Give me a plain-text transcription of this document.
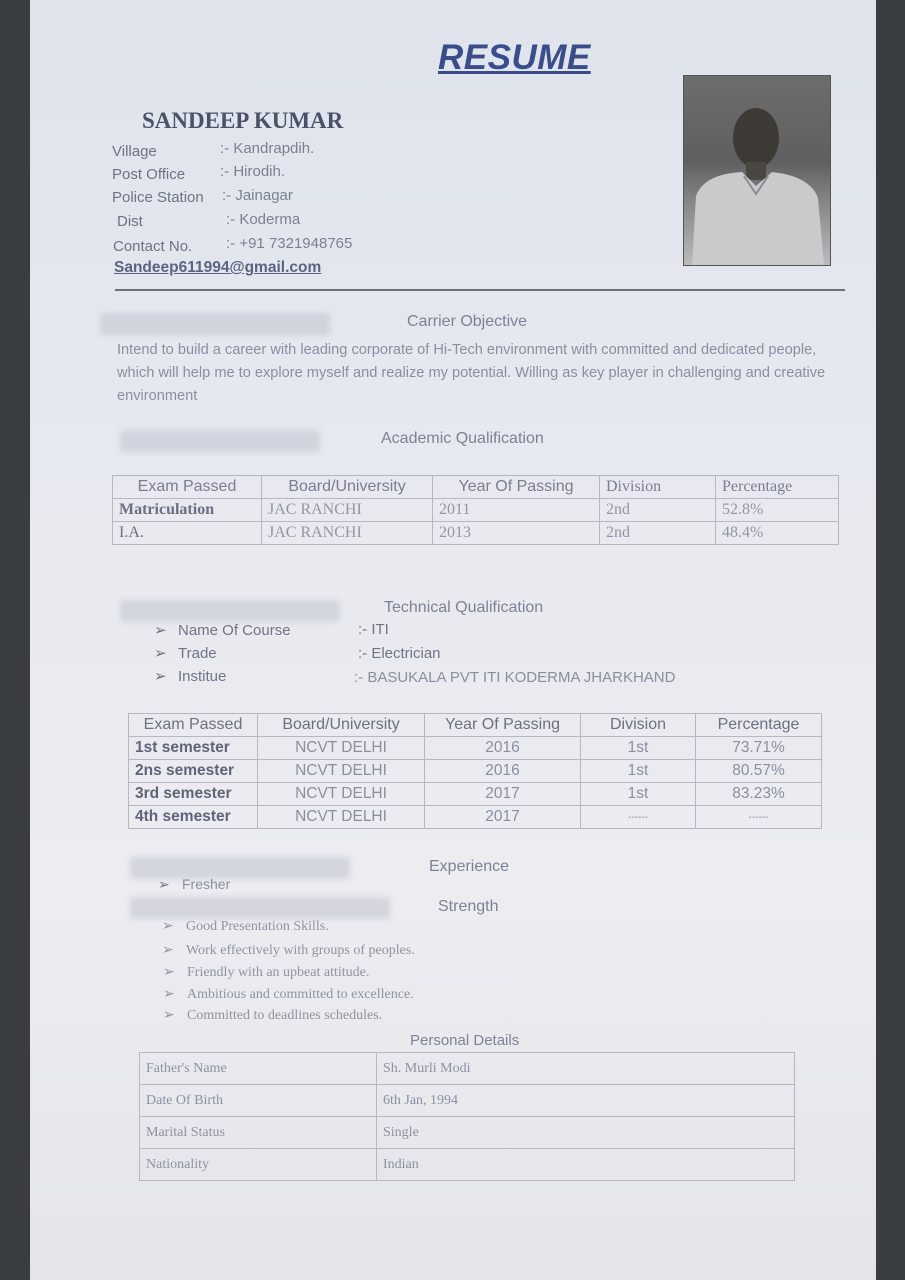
RESUME
SANDEEP KUMAR
Village	:- Kandrapdih.
Post Office :- Hirodih.
Police Station :- Jainagar
Dist	:- Koderma
Contact No. :- +91 7321948765
Sandeep611994@gmail.com
Carrier Objective
Intend to build a career with leading corporate of Hi-Tech environment with committed and dedicated people, which will help me to explore myself and realize my potential. Willing as key player in challenging and creative environment
Academic Qualification
Exam Passed	Board/University	Year Of Passing	Division	Percentage
Matriculation	JAC RANCHI	2011	2nd	52.8%
I.A.	JAC RANCHI	2013	2nd	48.4%
Technical Qualification
➢ Name Of Course	:- ITI
➢ Trade	:- Electrician
➢ Institue	:- BASUKALA PVT ITI KODERMA JHARKHAND
Exam Passed	Board/University	Year Of Passing	Division	Percentage
1st semester	NCVT DELHI	2016	1st	73.71%
2ns semester	NCVT DELHI	2016	1st	80.57%
3rd semester	NCVT DELHI	2017	1st	83.23%
4th semester	NCVT DELHI	2017	------	------
Experience
➢ Fresher
Strength
➢ Good Presentation Skills.
➢ Work effectively with groups of peoples.
➢ Friendly with an upbeat attitude.
➢ Ambitious and committed to excellence.
➢ Committed to deadlines schedules.
Personal Details
Father's Name	Sh. Murli Modi
Date Of Birth	6th Jan, 1994
Marital Status	Single
Nationality	Indian
